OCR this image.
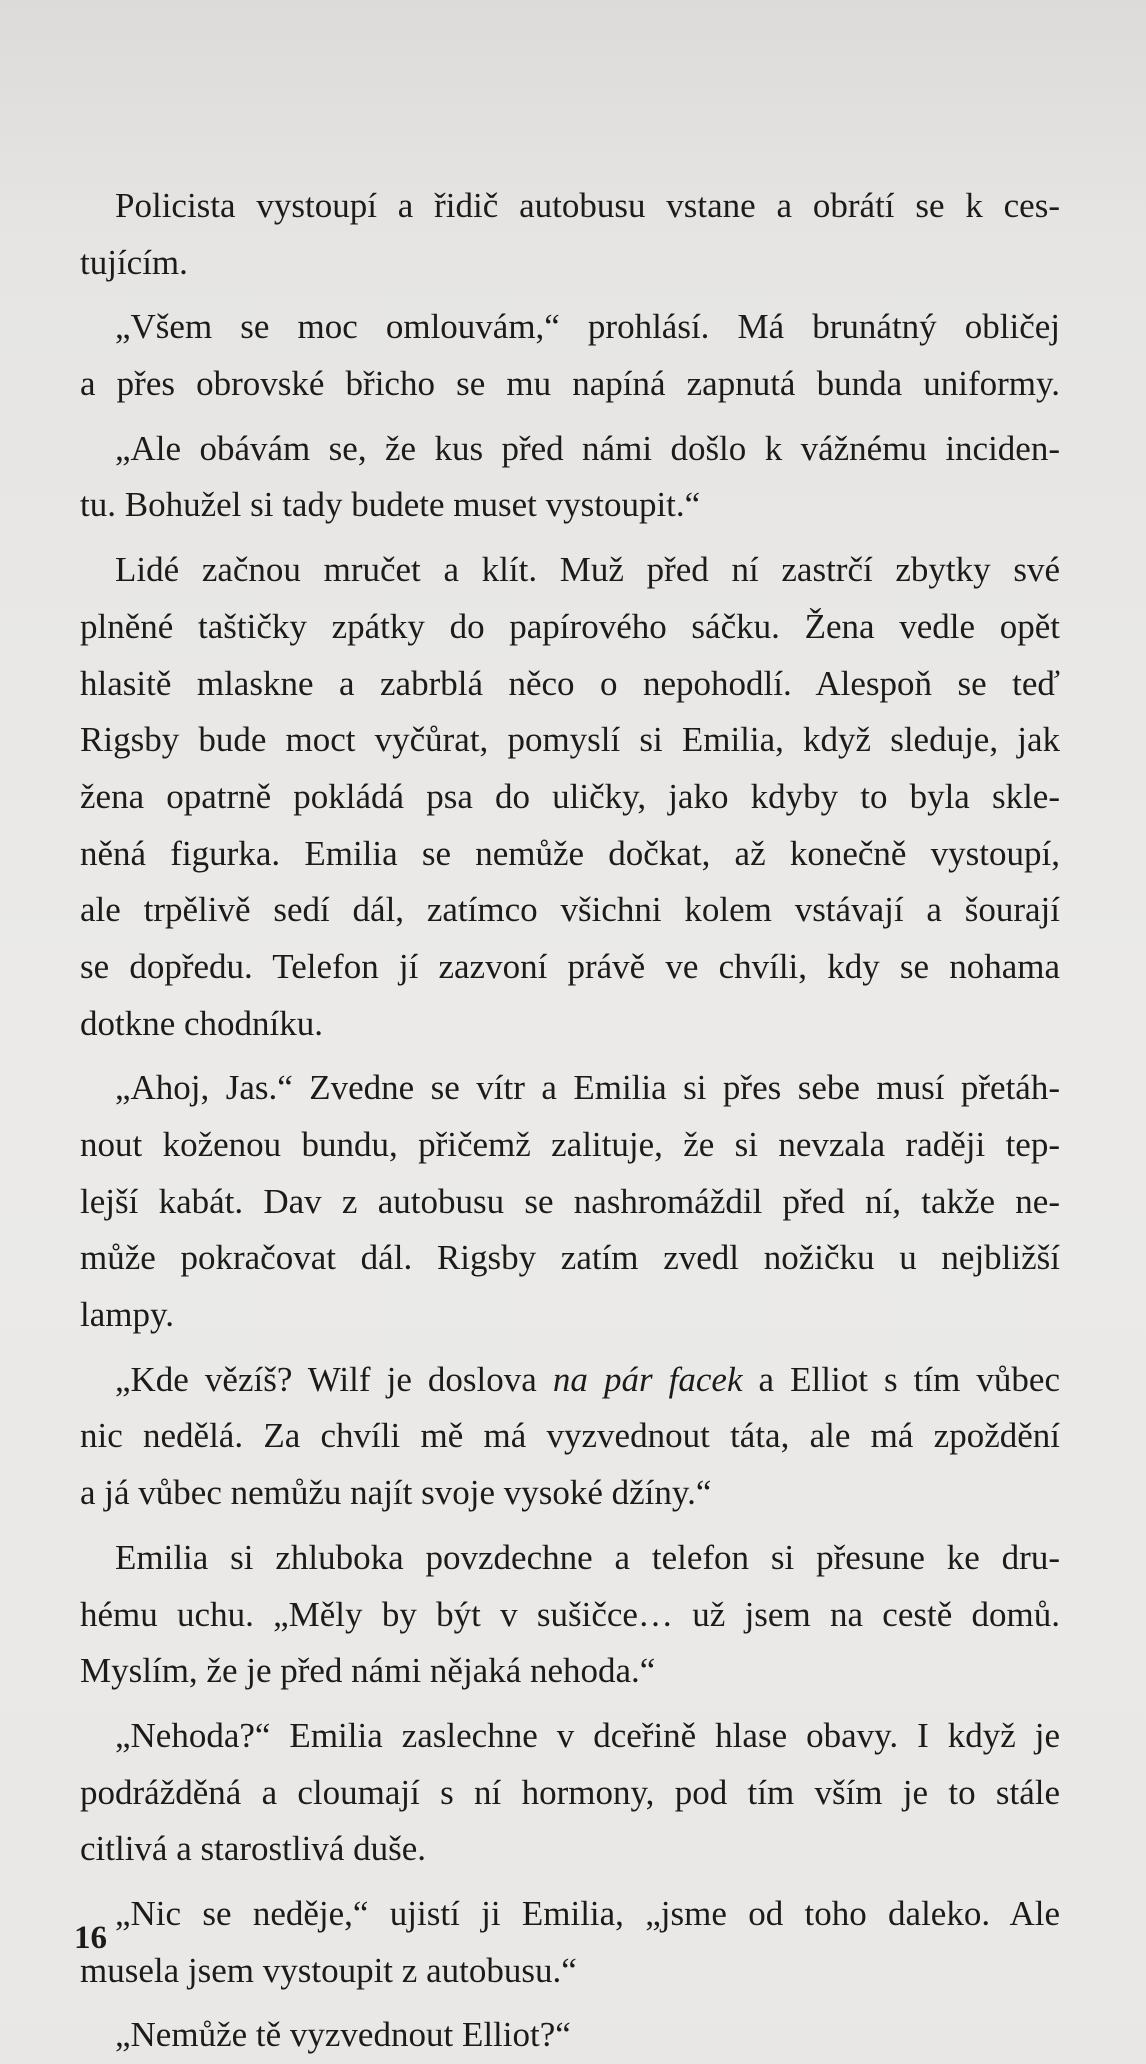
Policista vystoupí a řidič autobusu vstane a obrátí se k ces-
tujícím.
„Všem se moc omlouvám,“ prohlásí. Má brunátný obličej
a přes obrovské břicho se mu napíná zapnutá bunda uniformy.
„Ale obávám se, že kus před námi došlo k vážnému inciden-
tu. Bohužel si tady budete muset vystoupit.“
Lidé začnou mručet a klít. Muž před ní zastrčí zbytky své
plněné taštičky zpátky do papírového sáčku. Žena vedle opět
hlasitě mlaskne a zabrblá něco o nepohodlí. Alespoň se teď
Rigsby bude moct vyčůrat, pomyslí si Emilia, když sleduje, jak
žena opatrně pokládá psa do uličky, jako kdyby to byla skle-
něná figurka. Emilia se nemůže dočkat, až konečně vystoupí,
ale trpělivě sedí dál, zatímco všichni kolem vstávají a šourají
se dopředu. Telefon jí zazvoní právě ve chvíli, kdy se nohama
dotkne chodníku.
„Ahoj, Jas.“ Zvedne se vítr a Emilia si přes sebe musí přetáh-
nout koženou bundu, přičemž zalituje, že si nevzala raději tep-
lejší kabát. Dav z autobusu se nashromáždil před ní, takže ne-
může pokračovat dál. Rigsby zatím zvedl nožičku u nejbližší
lampy.
„Kde vězíš? Wilf je doslova na pár facek a Elliot s tím vůbec
nic nedělá. Za chvíli mě má vyzvednout táta, ale má zpoždění
a já vůbec nemůžu najít svoje vysoké džíny.“
Emilia si zhluboka povzdechne a telefon si přesune ke dru-
hému uchu. „Měly by být v sušičce… už jsem na cestě domů.
Myslím, že je před námi nějaká nehoda.“
„Nehoda?“ Emilia zaslechne v dceřině hlase obavy. I když je
podrážděná a cloumají s ní hormony, pod tím vším je to stále
citlivá a starostlivá duše.
„Nic se neděje,“ ujistí ji Emilia, „jsme od toho daleko. Ale
musela jsem vystoupit z autobusu.“
„Nemůže tě vyzvednout Elliot?“
16
